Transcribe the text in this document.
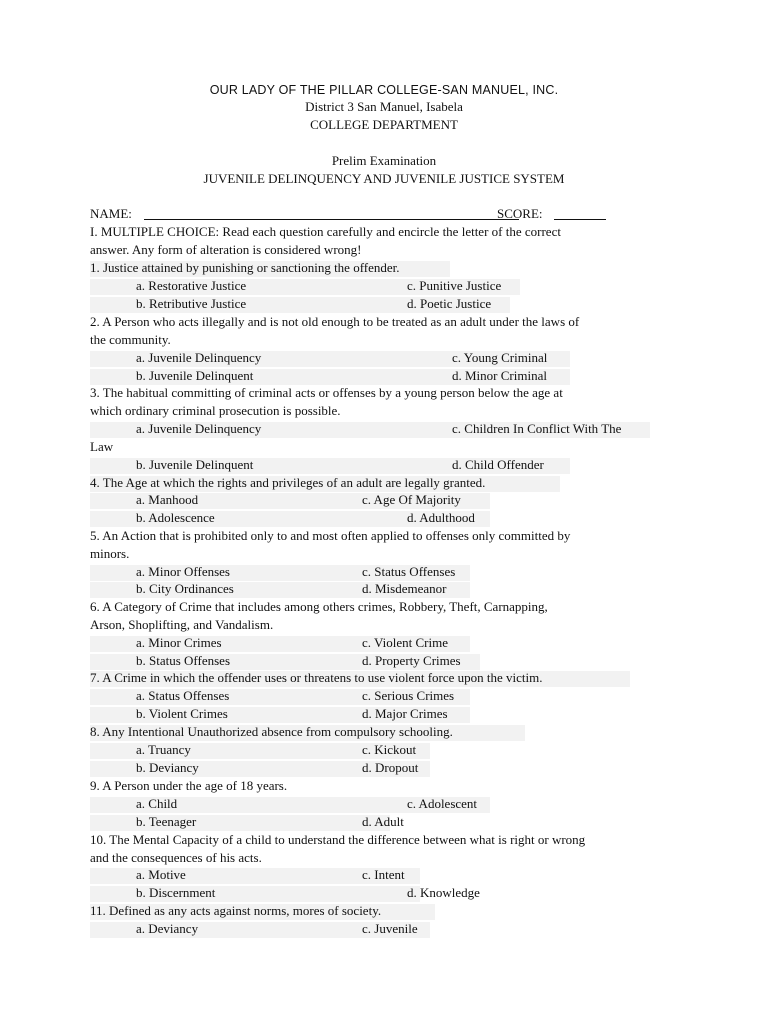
OUR LADY OF THE PILLAR COLLEGE-SAN MANUEL, INC.
District 3 San Manuel, Isabela
COLLEGE DEPARTMENT
Prelim Examination
JUVENILE DELINQUENCY AND JUVENILE JUSTICE SYSTEM
NAME:	SCORE:
I. MULTIPLE CHOICE: Read each question carefully and encircle the letter of the correct
answer. Any form of alteration is considered wrong!
1. Justice attained by punishing or sanctioning the offender.
a. Restorative Justice	c. Punitive Justice
b. Retributive Justice	d. Poetic Justice
2. A Person who acts illegally and is not old enough to be treated as an adult under the laws of
the community.
a. Juvenile Delinquency	c. Young Criminal
b. Juvenile Delinquent	d. Minor Criminal
3. The habitual committing of criminal acts or offenses by a young person below the age at
which ordinary criminal prosecution is possible.
a. Juvenile Delinquency	c. Children In Conflict With The
Law
b. Juvenile Delinquent	d. Child Offender
4. The Age at which the rights and privileges of an adult are legally granted.
a. Manhood	c. Age Of Majority
b. Adolescence	d. Adulthood
5. An Action that is prohibited only to and most often applied to offenses only committed by
minors.
a. Minor Offenses	c. Status Offenses
b. City Ordinances	d. Misdemeanor
6. A Category of Crime that includes among others crimes, Robbery, Theft, Carnapping,
Arson, Shoplifting, and Vandalism.
a. Minor Crimes	c. Violent Crime
b. Status Offenses	d. Property Crimes
7. A Crime in which the offender uses or threatens to use violent force upon the victim.
a. Status Offenses	c. Serious Crimes
b. Violent Crimes	d. Major Crimes
8. Any Intentional Unauthorized absence from compulsory schooling.
a. Truancy	c. Kickout
b. Deviancy	d. Dropout
9. A Person under the age of 18 years.
a. Child	c. Adolescent
b. Teenager	d. Adult
10. The Mental Capacity of a child to understand the difference between what is right or wrong
and the consequences of his acts.
a. Motive	c. Intent
b. Discernment	d. Knowledge
11. Defined as any acts against norms, mores of society.
a. Deviancy	c. Juvenile
